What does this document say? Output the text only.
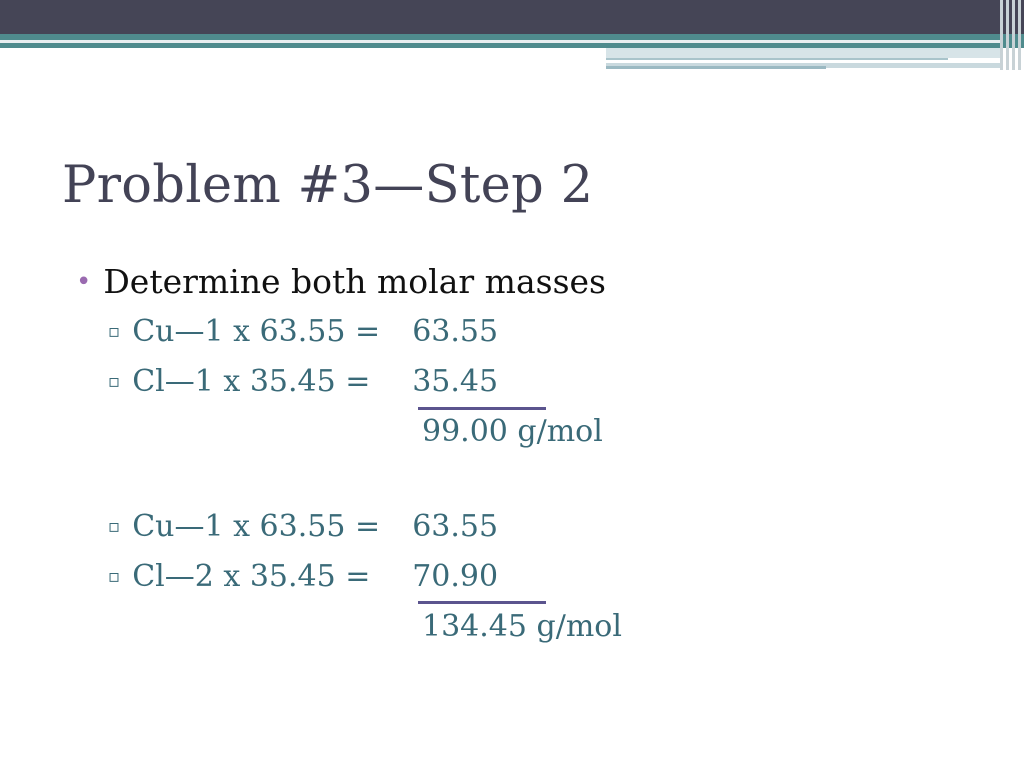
Problem #3—Step 2
• Determine both molar masses
▫ Cu—1 x 63.55 = 63.55
▫ Cl—1 x 35.45 = 35.45
99.00 g/mol
▫ Cu—1 x 63.55 = 63.55
▫ Cl—2 x 35.45 = 70.90
134.45 g/mol
